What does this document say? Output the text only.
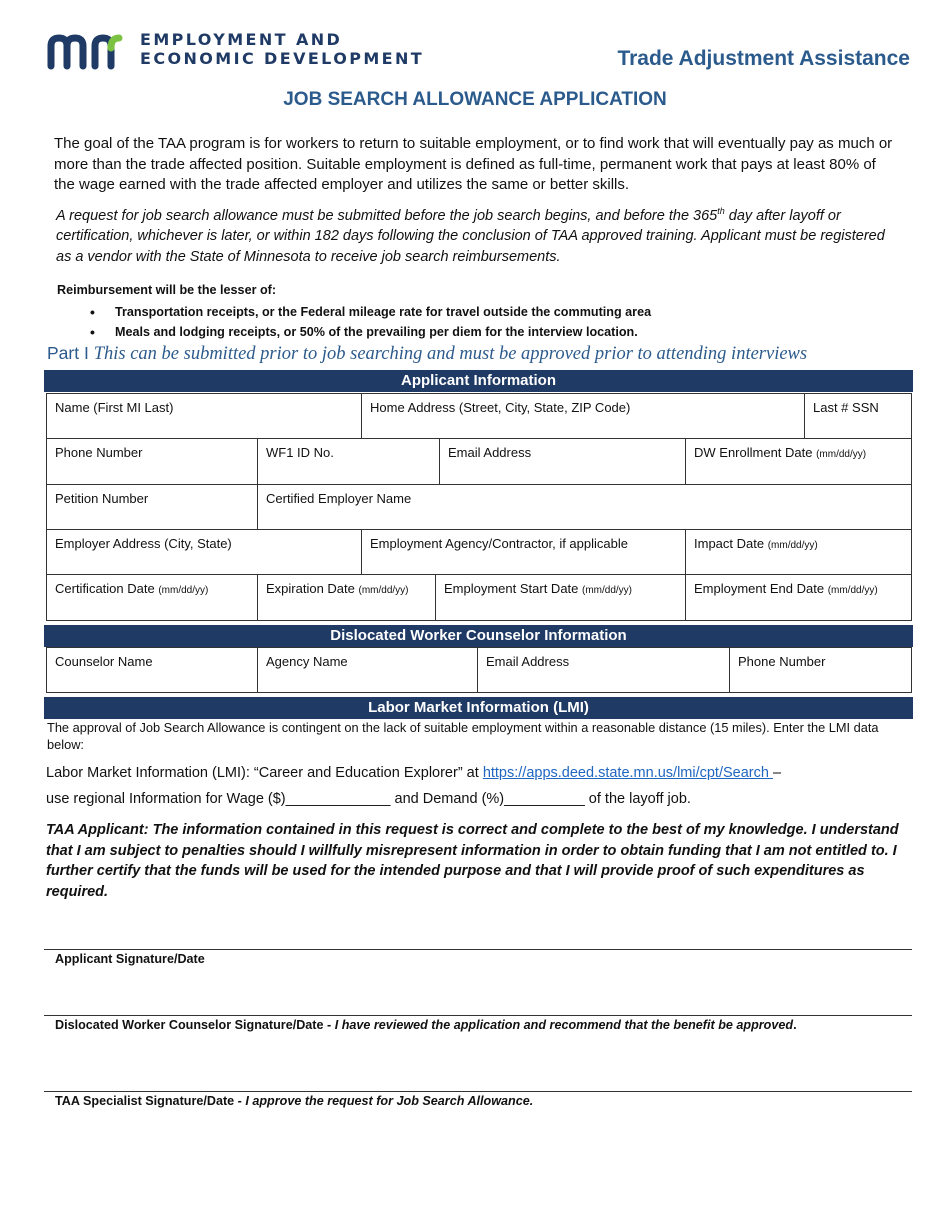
EMPLOYMENT AND
ECONOMIC DEVELOPMENT	Trade Adjustment Assistance
JOB SEARCH ALLOWANCE APPLICATION
The goal of the TAA program is for workers to return to suitable employment, or to find work that will eventually pay as much or more than the trade affected position. Suitable employment is defined as full-time, permanent work that pays at least 80% of the wage earned with the trade affected employer and utilizes the same or better skills.
A request for job search allowance must be submitted before the job search begins, and before the 365th day after layoff or certification, whichever is later, or within 182 days following the conclusion of TAA approved training. Applicant must be registered as a vendor with the State of Minnesota to receive job search reimbursements.
Reimbursement will be the lesser of:
• Transportation receipts, or the Federal mileage rate for travel outside the commuting area
• Meals and lodging receipts, or 50% of the prevailing per diem for the interview location.
Part I This can be submitted prior to job searching and must be approved prior to attending interviews
Applicant Information
Name (First MI Last)	Home Address (Street, City, State, ZIP Code)	Last # SSN
Phone Number	WF1 ID No.	Email Address	DW Enrollment Date (mm/dd/yy)
Petition Number	Certified Employer Name
Employer Address (City, State)	Employment Agency/Contractor, if applicable	Impact Date (mm/dd/yy)
Certification Date (mm/dd/yy)	Expiration Date (mm/dd/yy)	Employment Start Date (mm/dd/yy)	Employment End Date (mm/dd/yy)
Dislocated Worker Counselor Information
Counselor Name	Agency Name	Email Address	Phone Number
Labor Market Information (LMI)
The approval of Job Search Allowance is contingent on the lack of suitable employment within a reasonable distance (15 miles). Enter the LMI data below:
Labor Market Information (LMI): “Career and Education Explorer” at https://apps.deed.state.mn.us/lmi/cpt/Search –
use regional Information for Wage ($)_____________ and Demand (%)__________ of the layoff job.
TAA Applicant: The information contained in this request is correct and complete to the best of my knowledge. I understand that I am subject to penalties should I willfully misrepresent information in order to obtain funding that I am not entitled to. I further certify that the funds will be used for the intended purpose and that I will provide proof of such expenditures as required.
Applicant Signature/Date
Dislocated Worker Counselor Signature/Date - I have reviewed the application and recommend that the benefit be approved.
TAA Specialist Signature/Date - I approve the request for Job Search Allowance.
